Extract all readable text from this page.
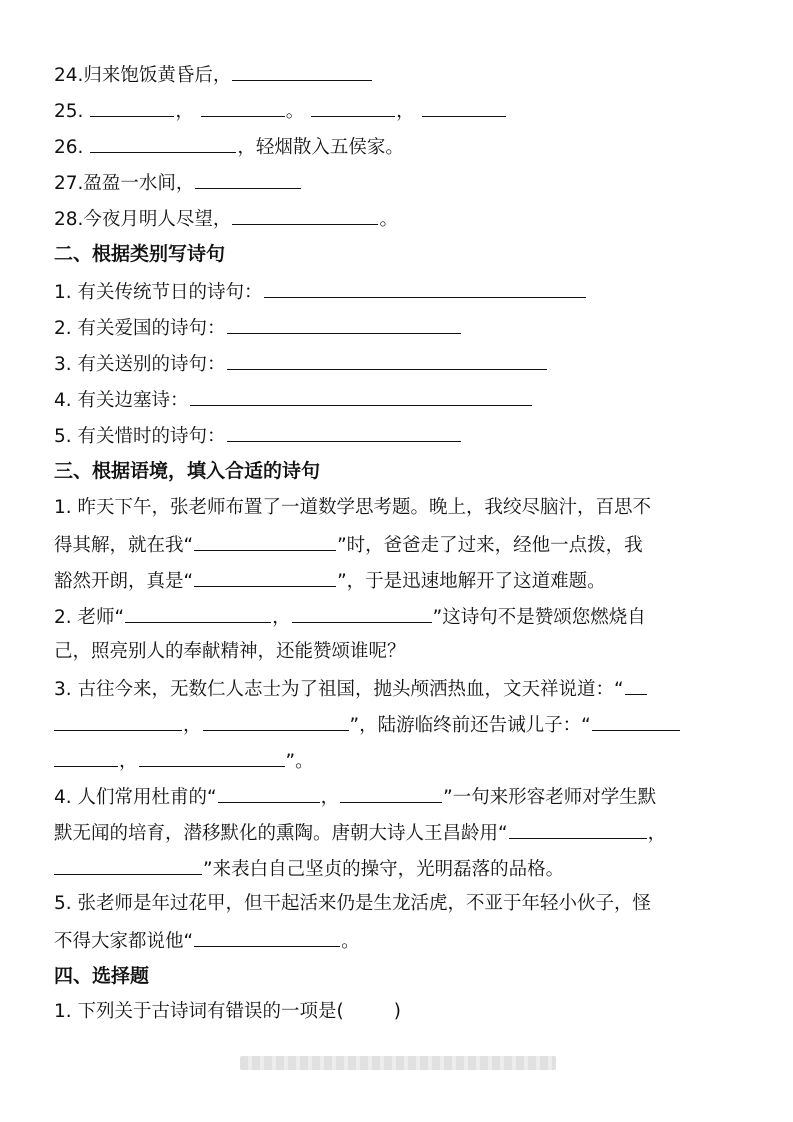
24.归来饱饭黄昏后，
25.	，	。	，
26.	，轻烟散入五侯家。
27.盈盈一水间，
28.今夜月明人尽望，	。
二、根据类别写诗句
1. 有关传统节日的诗句：
2. 有关爱国的诗句：
3. 有关送别的诗句：
4. 有关边塞诗：
5. 有关惜时的诗句：
三、根据语境，填入合适的诗句
1. 昨天下午，张老师布置了一道数学思考题。晚上，我绞尽脑汁，百思不
得其解，就在我“	”时，爸爸走了过来，经他一点拨，我
豁然开朗，真是“	”，于是迅速地解开了这道难题。
2. 老师“	，	”这诗句不是赞颂您燃烧自
己，照亮别人的奉献精神，还能赞颂谁呢？
3. 古往今来，无数仁人志士为了祖国，抛头颅洒热血，文天祥说道：“
，	”，陆游临终前还告诫儿子：“
，	”。
4. 人们常用杜甫的“	，	”一句来形容老师对学生默
默无闻的培育，潜移默化的熏陶。唐朝大诗人王昌龄用“	，
”来表白自己坚贞的操守，光明磊落的品格。
5. 张老师是年过花甲，但干起活来仍是生龙活虎，不亚于年轻小伙子，怪
不得大家都说他“	。
四、选择题
1. 下列关于古诗词有错误的一项是(	)
